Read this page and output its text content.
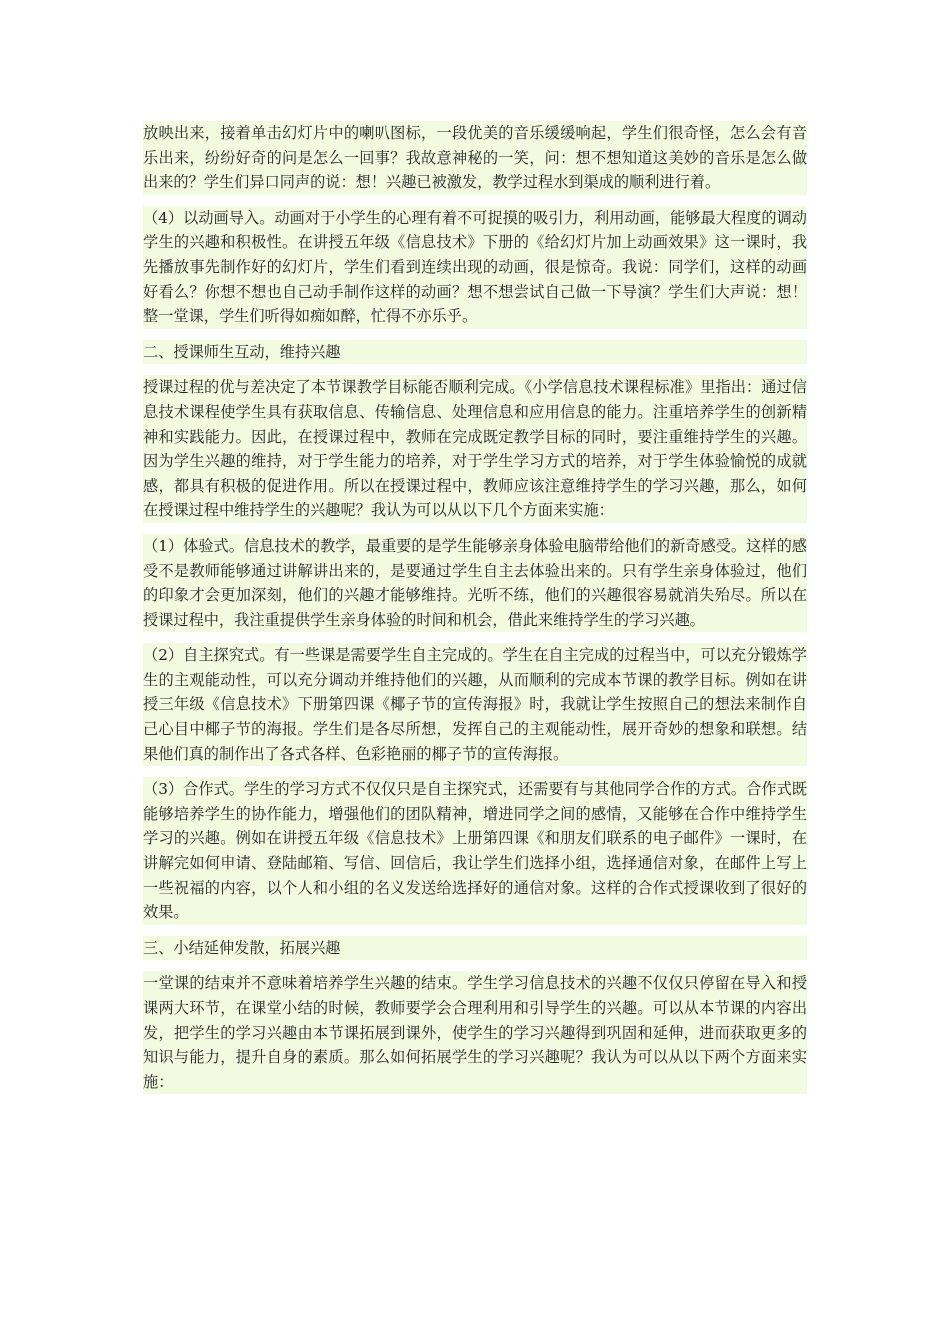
放映出来，接着单击幻灯片中的喇叭图标，一段优美的音乐缓缓响起，学生们很奇怪，怎么会有音乐出来，纷纷好奇的问是怎么一回事？我故意神秘的一笑，问：想不想知道这美妙的音乐是怎么做出来的？学生们异口同声的说：想！兴趣已被激发，教学过程水到渠成的顺利进行着。

（4）以动画导入。动画对于小学生的心理有着不可捉摸的吸引力，利用动画，能够最大程度的调动学生的兴趣和积极性。在讲授五年级《信息技术》下册的《给幻灯片加上动画效果》这一课时，我先播放事先制作好的幻灯片，学生们看到连续出现的动画，很是惊奇。我说：同学们，这样的动画好看么？你想不想也自己动手制作这样的动画？想不想尝试自己做一下导演？学生们大声说：想！整一堂课，学生们听得如痴如醉，忙得不亦乐乎。

二、授课师生互动，维持兴趣

授课过程的优与差决定了本节课教学目标能否顺利完成。《小学信息技术课程标准》里指出：通过信息技术课程使学生具有获取信息、传输信息、处理信息和应用信息的能力。注重培养学生的创新精神和实践能力。因此，在授课过程中，教师在完成既定教学目标的同时，要注重维持学生的兴趣。因为学生兴趣的维持，对于学生能力的培养，对于学生学习方式的培养，对于学生体验愉悦的成就感，都具有积极的促进作用。所以在授课过程中，教师应该注意维持学生的学习兴趣，那么，如何在授课过程中维持学生的兴趣呢？我认为可以从以下几个方面来实施：

（1）体验式。信息技术的教学，最重要的是学生能够亲身体验电脑带给他们的新奇感受。这样的感受不是教师能够通过讲解讲出来的，是要通过学生自主去体验出来的。只有学生亲身体验过，他们的印象才会更加深刻，他们的兴趣才能够维持。光听不练，他们的兴趣很容易就消失殆尽。所以在授课过程中，我注重提供学生亲身体验的时间和机会，借此来维持学生的学习兴趣。

（2）自主探究式。有一些课是需要学生自主完成的。学生在自主完成的过程当中，可以充分锻炼学生的主观能动性，可以充分调动并维持他们的兴趣，从而顺利的完成本节课的教学目标。例如在讲授三年级《信息技术》下册第四课《椰子节的宣传海报》时，我就让学生按照自己的想法来制作自己心目中椰子节的海报。学生们是各尽所想，发挥自己的主观能动性，展开奇妙的想象和联想。结果他们真的制作出了各式各样、色彩艳丽的椰子节的宣传海报。

（3）合作式。学生的学习方式不仅仅只是自主探究式，还需要有与其他同学合作的方式。合作式既能够培养学生的协作能力，增强他们的团队精神，增进同学之间的感情，又能够在合作中维持学生学习的兴趣。例如在讲授五年级《信息技术》上册第四课《和朋友们联系的电子邮件》一课时，在讲解完如何申请、登陆邮箱、写信、回信后，我让学生们选择小组，选择通信对象，在邮件上写上一些祝福的内容，以个人和小组的名义发送给选择好的通信对象。这样的合作式授课收到了很好的效果。

三、小结延伸发散，拓展兴趣

一堂课的结束并不意味着培养学生兴趣的结束。学生学习信息技术的兴趣不仅仅只停留在导入和授课两大环节，在课堂小结的时候，教师要学会合理利用和引导学生的兴趣。可以从本节课的内容出发，把学生的学习兴趣由本节课拓展到课外，使学生的学习兴趣得到巩固和延伸，进而获取更多的知识与能力，提升自身的素质。那么如何拓展学生的学习兴趣呢？我认为可以从以下两个方面来实施：
